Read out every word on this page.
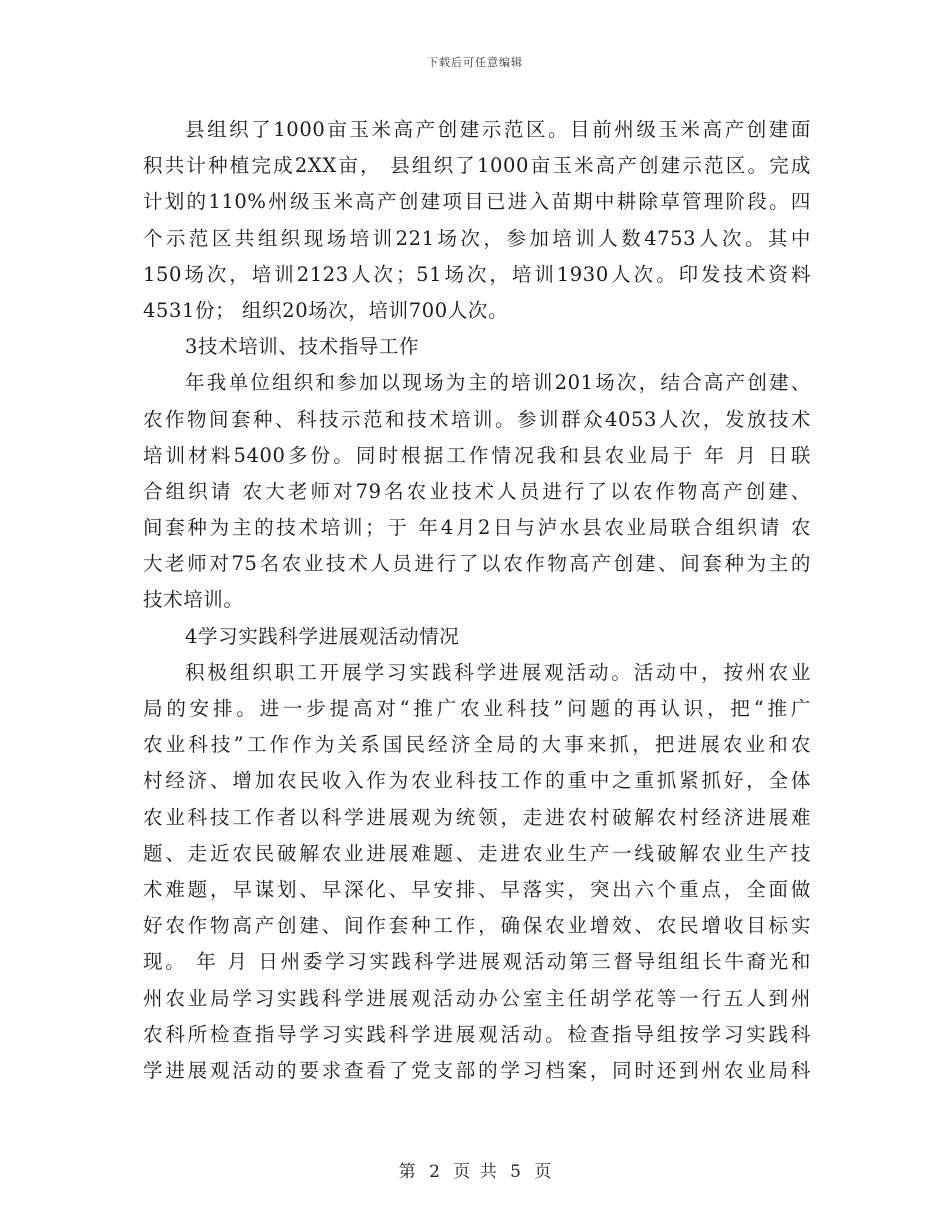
下载后可任意编辑
县组织了1000亩玉米高产创建示范区。目前州级玉米高产创建面
积共计种植完成2XX亩， 县组织了1000亩玉米高产创建示范区。完成
计划的110%州级玉米高产创建项目已进入苗期中耕除草管理阶段。四
个示范区共组织现场培训221场次，参加培训人数4753人次。其中
150场次，培训2123人次；51场次，培训1930人次。印发技术资料
4531份； 组织20场次，培训700人次。
3技术培训、技术指导工作
年我单位组织和参加以现场为主的培训201场次，结合高产创建、
农作物间套种、科技示范和技术培训。参训群众4053人次，发放技术
培训材料5400多份。同时根据工作情况我和县农业局于 年 月 日联
合组织请 农大老师对79名农业技术人员进行了以农作物高产创建、
间套种为主的技术培训；于 年4月2日与泸水县农业局联合组织请 农
大老师对75名农业技术人员进行了以农作物高产创建、间套种为主的
技术培训。
4学习实践科学进展观活动情况
积极组织职工开展学习实践科学进展观活动。活动中，按州农业
局的安排。进一步提高对“推广农业科技”问题的再认识，把“推广
农业科技”工作作为关系国民经济全局的大事来抓，把进展农业和农
村经济、增加农民收入作为农业科技工作的重中之重抓紧抓好，全体
农业科技工作者以科学进展观为统领，走进农村破解农村经济进展难
题、走近农民破解农业进展难题、走进农业生产一线破解农业生产技
术难题，早谋划、早深化、早安排、早落实，突出六个重点，全面做
好农作物高产创建、间作套种工作，确保农业增效、农民增收目标实
现。 年 月 日州委学习实践科学进展观活动第三督导组组长牛裔光和
州农业局学习实践科学进展观活动办公室主任胡学花等一行五人到州
农科所检查指导学习实践科学进展观活动。检查指导组按学习实践科
学进展观活动的要求查看了党支部的学习档案，同时还到州农业局科
第 2 页 共 5 页
